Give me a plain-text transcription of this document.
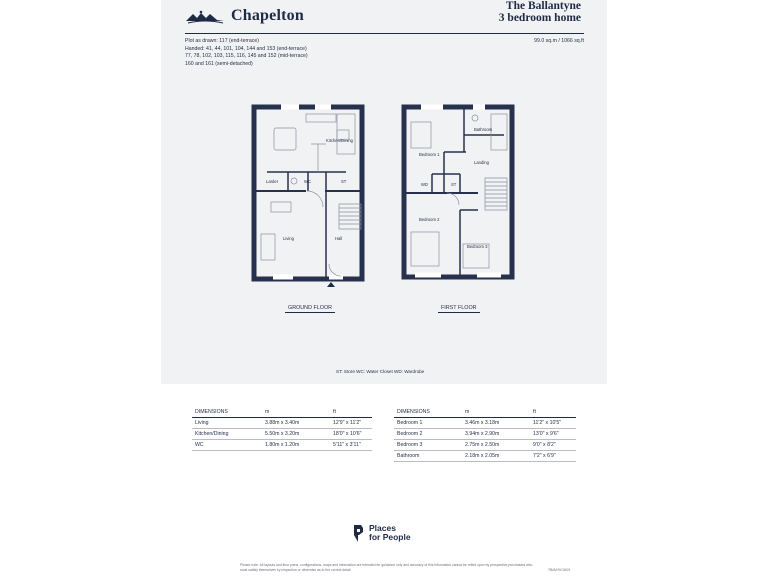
Chapelton
The Ballantyne
3 bedroom home
Plot as drawn: 117 (end-terrace)
Handed: 41, 44, 101, 104, 144 and 153 (end-terrace)
77, 78, 102, 103, 115, 116, 145 and 152 (mid-terrace)
160 and 161 (semi-detached)
99.0 sq.m / 1066 sq.ft
Kitchen/Dining
Larder	WC	ST
Living	Hall
Bathroom
Bedroom 1
Landing
WD	ST
Bedroom 2
Bedroom 3
GROUND FLOOR	FIRST FLOOR
ST: Store WC: Water Closet WD: Wardrobe
DIMENSIONS	m	ft
Living	3.88m x 3.40m	12'9" x 11'2"
Kitchen/Dining	5.50m x 3.20m	18'0" x 10'6"
WC	1.80m x 1.20m	5'11" x 3'11"
DIMENSIONS	m	ft
Bedroom 1	3.46m x 3.18m	11'2" x 10'5"
Bedroom 2	3.94m x 2.90m	13'0" x 9'6"
Bedroom 3	2.75m x 2.50m	9'0" x 8'2"
Bathroom	2.18m x 2.05m	7'2" x 6'9"
Places
for People
Please note: All layouts and floor plans, configurations, maps and information are intended for guidance only and accuracy of this information cannot be relied upon by prospective purchasers who must satisfy themselves by inspection or otherwise as to the correct detail.	TB/A/HV/18/21
